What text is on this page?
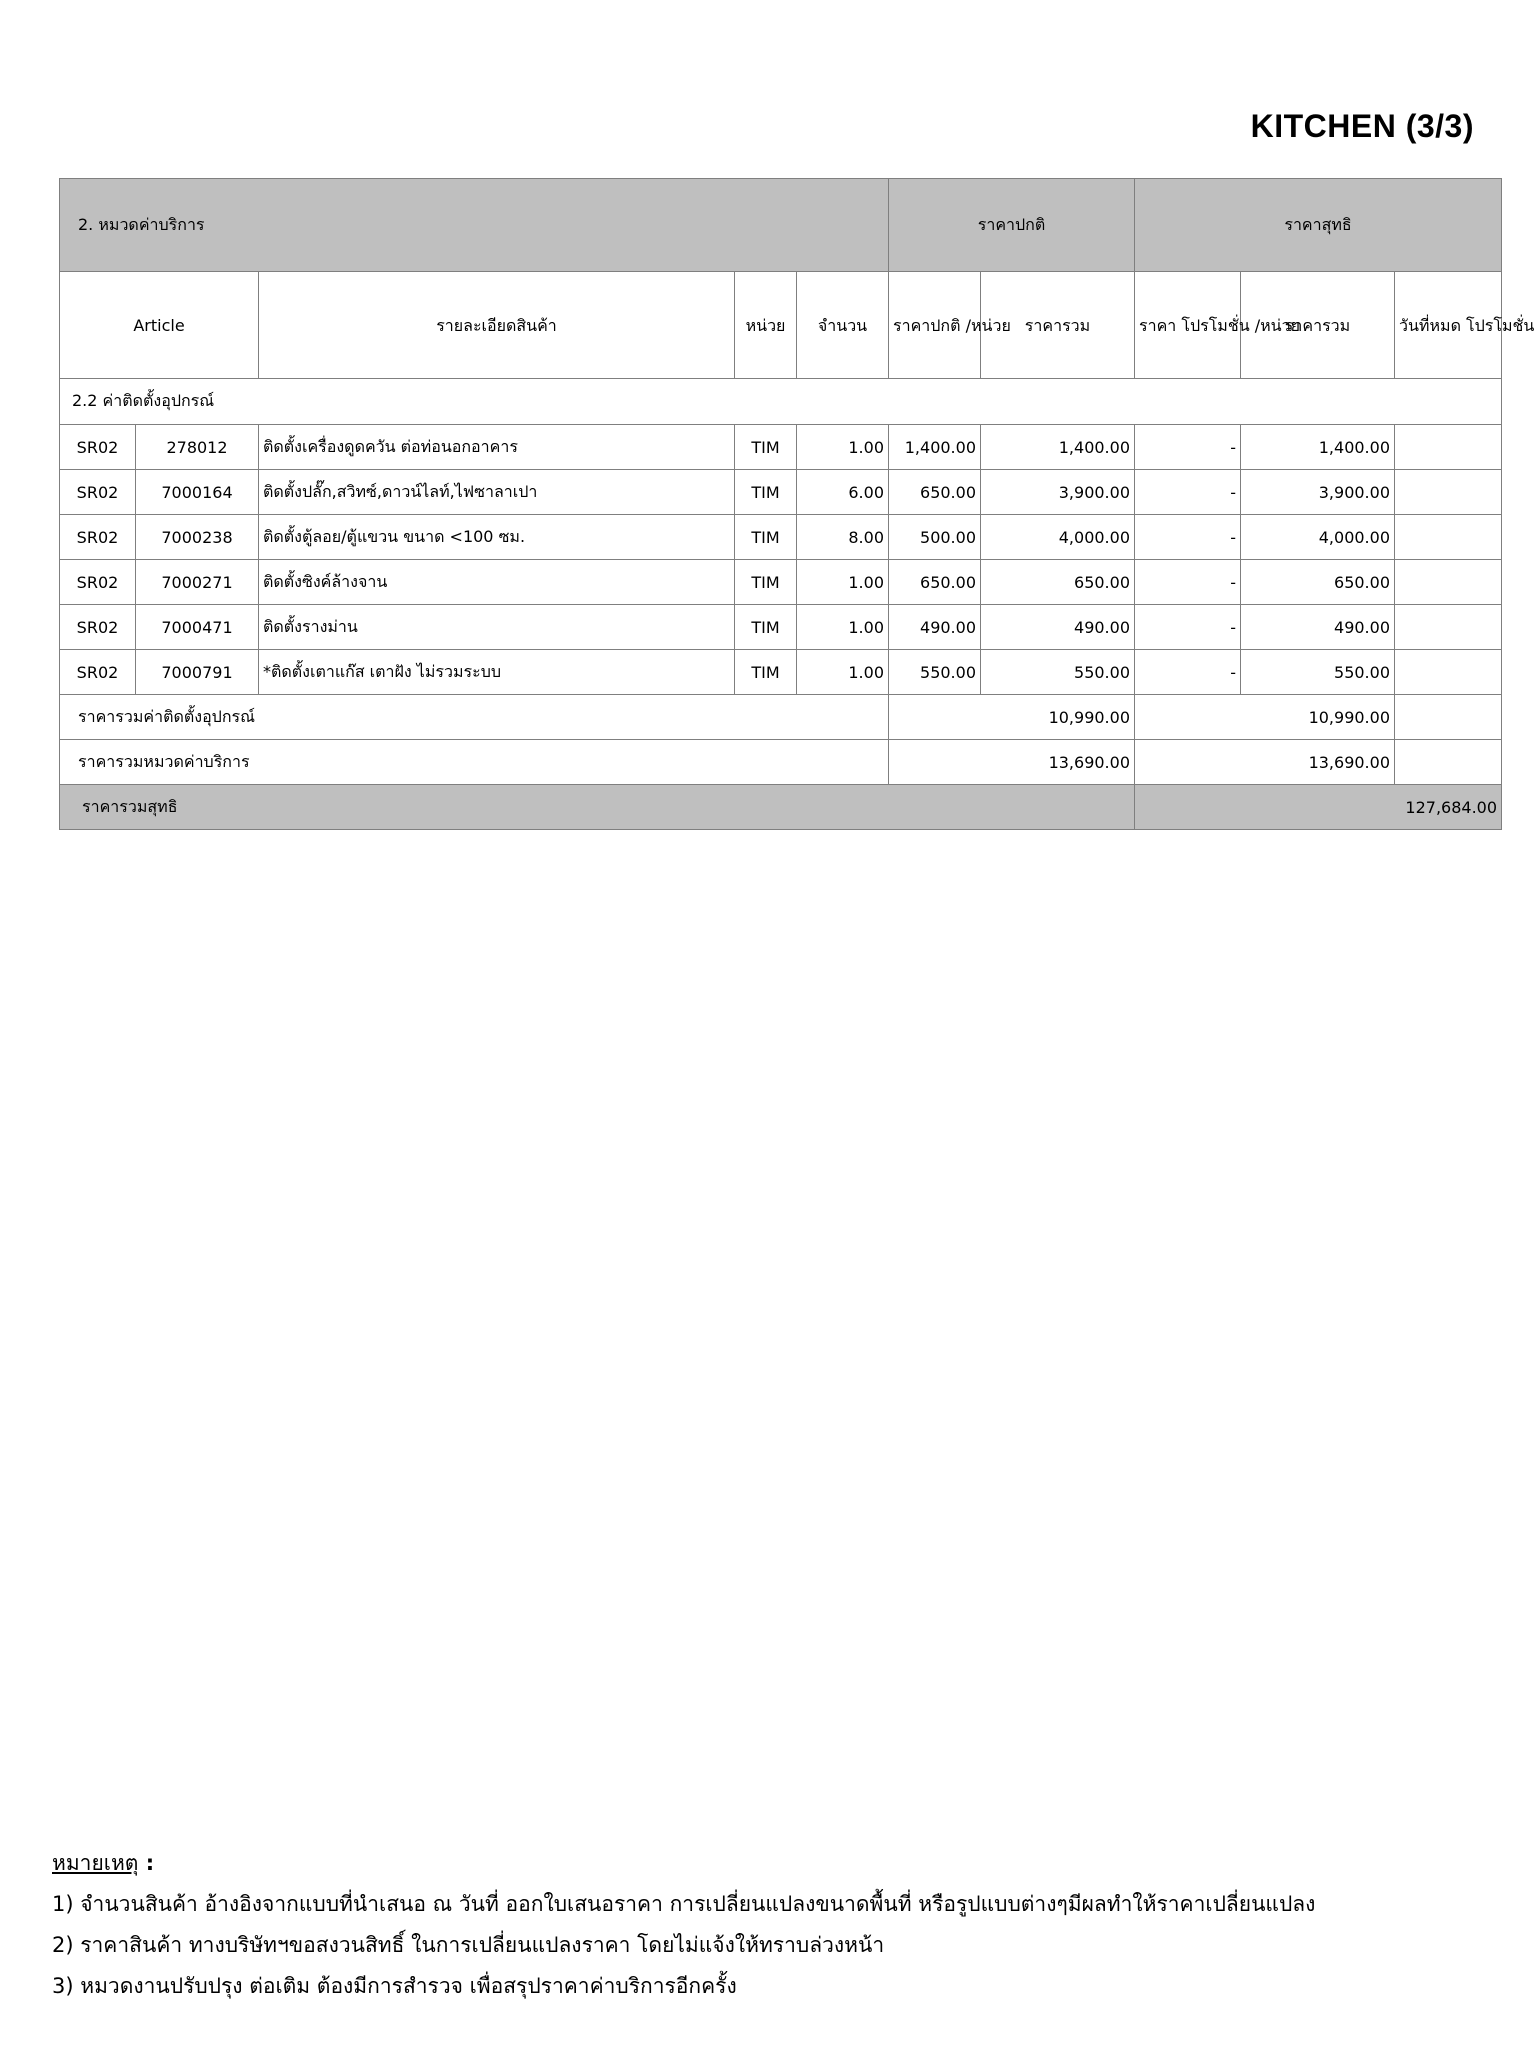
KITCHEN (3/3)
2. หมวดค่าบริการ					ราคาปกติ		ราคาสุทธิ		
Article		รายละเอียดสินค้า	หน่วย	จำนวน	ราคาปกติ /หน่วย	ราคารวม	ราคา โปรโมชั่น /หน่วย	ราคารวม	วันที่หมด โปรโมชั่น
2.2 ค่าติดตั้งอุปกรณ์									
SR02	278012	ติดตั้งเครื่องดูดควัน ต่อท่อนอกอาคาร	TIM	1.00	1,400.00	1,400.00	-	1,400.00	
SR02	7000164	ติดตั้งปลั๊ก,สวิทซ์,ดาวน์ไลท์,ไฟซาลาเปา	TIM	6.00	650.00	3,900.00	-	3,900.00	
SR02	7000238	ติดตั้งตู้ลอย/ตู้แขวน ขนาด <100 ซม.	TIM	8.00	500.00	4,000.00	-	4,000.00	
SR02	7000271	ติดตั้งซิงค์ล้างจาน	TIM	1.00	650.00	650.00	-	650.00	
SR02	7000471	ติดตั้งรางม่าน	TIM	1.00	490.00	490.00	-	490.00	
SR02	7000791	*ติดตั้งเตาแก๊ส เตาฝัง ไม่รวมระบบ	TIM	1.00	550.00	550.00	-	550.00	
ราคารวมค่าติดตั้งอุปกรณ์					10,990.00		10,990.00		
ราคารวมหมวดค่าบริการ					13,690.00		13,690.00		
ราคารวมสุทธิ							127,684.00		
หมายเหตุ :
1) จำนวนสินค้า อ้างอิงจากแบบที่นำเสนอ ณ วันที่ ออกใบเสนอราคา การเปลี่ยนแปลงขนาดพื้นที่ หรือรูปแบบต่างๆมีผลทำให้ราคาเปลี่ยนแปลง
2) ราคาสินค้า ทางบริษัทฯขอสงวนสิทธิ์ ในการเปลี่ยนแปลงราคา โดยไม่แจ้งให้ทราบล่วงหน้า
3) หมวดงานปรับปรุง ต่อเติม ต้องมีการสำรวจ เพื่อสรุปราคาค่าบริการอีกครั้ง
